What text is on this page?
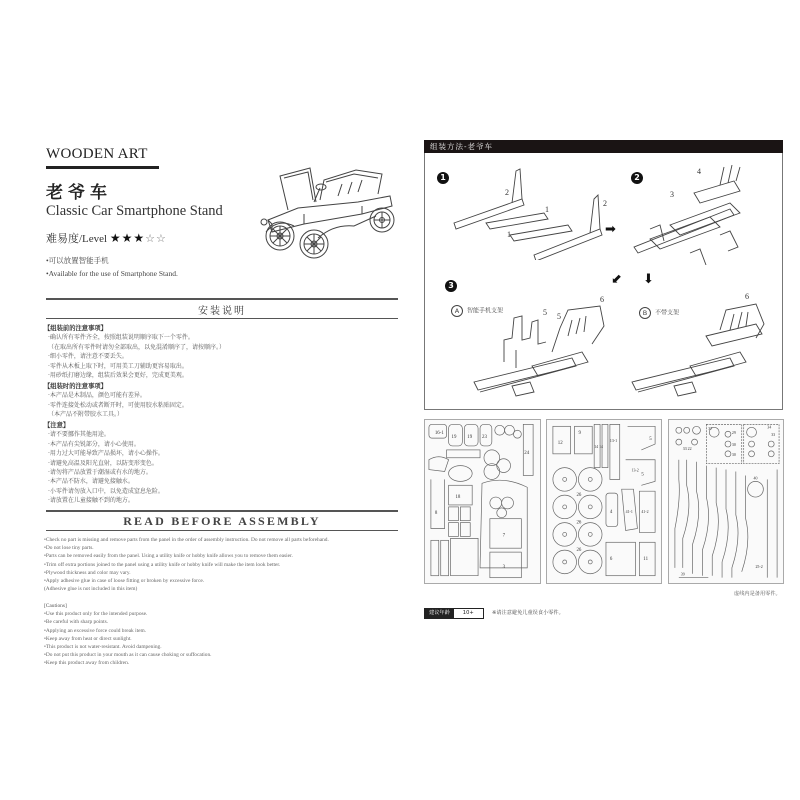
WOODEN ART
老爷车
Classic Car Smartphone Stand
难易度/Level ★★★☆☆
•可以放置智能手机
•Available for the use of Smartphone Stand.
安装说明
【组装前的注意事项】
·确认所有零件齐全，按照组装说明顺序取下一个零件。
（在取出所有零件时请勿全部取出，以免混淆顺序了，请按顺序。）
·细小零件，请注意不要丢失。
·零件从木板上取下时，可用美工刀辅助更容易取出。
·用砂纸打磨边缘，组装后效果会更好，完成更美观。
【组装时的注意事项】
·本产品是木制品，颜色可能有差异。
·零件连接处松动或者断开时，可使用胶水粘贴固定。
（本产品不附带胶水工具。）
【注意】
·请不要挪作其他用途。
·本产品有尖锐部分，请小心使用。
·用力过大可能导致产品损坏，请小心操作。
·请避免高温及阳光直射，以防变形变色。
·请勿将产品放置于潮湿或有水的地方。
·本产品不防水，请避免接触水。
·小零件请勿放入口中，以免造成窒息危险。
·请放置在儿童接触不到的地方。
READ BEFORE ASSEMBLY
•Check no part is missing and remove parts from the panel in the order of assembly instruction. Do not remove all parts beforehand.
•Do not lose tiny parts.
•Parts can be removed easily from the panel. Using a utility knife or hobby knife allows you to remove them easier.
•Trim off extra portions joined to the panel using a utility knife or hobby knife will make the item look better.
•Plywood thickness and color may vary.
•Apply adhesive glue in case of loose fitting or broken by excessive force.
(Adhesive glue is not included in this item)
[Cautions]
•Use this product only for the intended purpose.
•Be careful with sharp points.
•Applying an excessive force could break item.
•Keep away from heat or direct sunlight.
•This product is not water-resistant. Avoid dampening.
•Do not put this product in your mouth as it can cause choking or suffocation.
•Keep this product away from children.
组装方法-老爷车
1
2
1
1
2
➡
2
4
3
⬋ ⬇
3
A 智能手机支架	B 不带支架
5 5
6	6
16-1
19 19 23
18
8
24
7
3
12
9
14 14
13-1
13-2
5
5
26
26
26
4	41-1 41-2
6	11
37
29
30
30
34
33
33 22
40
39
25-2
虚线内是备用零件。
建议年龄	10+	※请注意避免儿童误食小零件。
